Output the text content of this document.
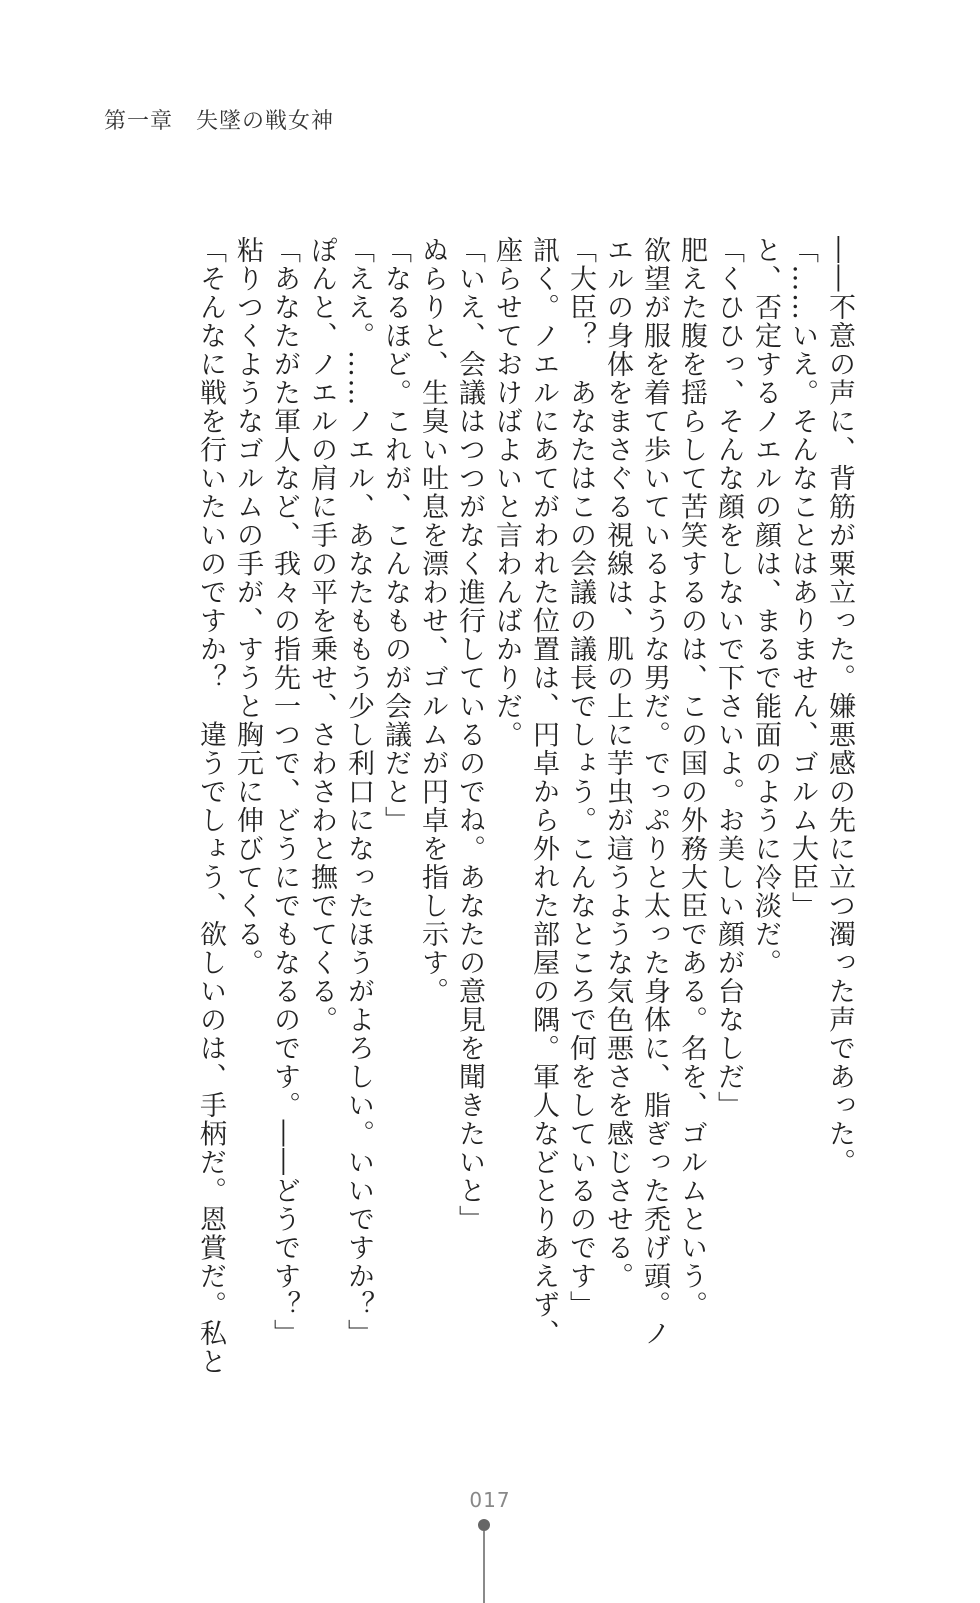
第一章　失墜の戦女神
――不意の声に、背筋が粟立った。嫌悪感の先に立つ濁った声であった。
「……いえ。そんなことはありません、ゴルム大臣」
と、否定するノエルの顔は、まるで能面のように冷淡だ。
「くひひっ、そんな顔をしないで下さいよ。お美しい顔が台なしだ」
肥えた腹を揺らして苦笑するのは、この国の外務大臣である。名を、ゴルムという。
欲望が服を着て歩いているような男だ。でっぷりと太った身体に、脂ぎった禿げ頭。ノ
エルの身体をまさぐる視線は、肌の上に芋虫が這うような気色悪さを感じさせる。
「大臣？　あなたはこの会議の議長でしょう。こんなところで何をしているのです」
訊く。ノエルにあてがわれた位置は、円卓から外れた部屋の隅。軍人などとりあえず、
座らせておけばよいと言わんばかりだ。
「いえ、会議はつつがなく進行しているのでね。あなたの意見を聞きたいと」
ぬらりと、生臭い吐息を漂わせ、ゴルムが円卓を指し示す。
「なるほど。これが、こんなものが会議だと」
「ええ。……ノエル、あなたももう少し利口になったほうがよろしい。いいですか？」
ぽんと、ノエルの肩に手の平を乗せ、さわさわと撫でてくる。
「あなたがた軍人など、我々の指先一つで、どうにでもなるのです。――どうです？」
粘りつくようなゴルムの手が、すうと胸元に伸びてくる。
「そんなに戦を行いたいのですか？　違うでしょう、欲しいのは、手柄だ。恩賞だ。私と
017
